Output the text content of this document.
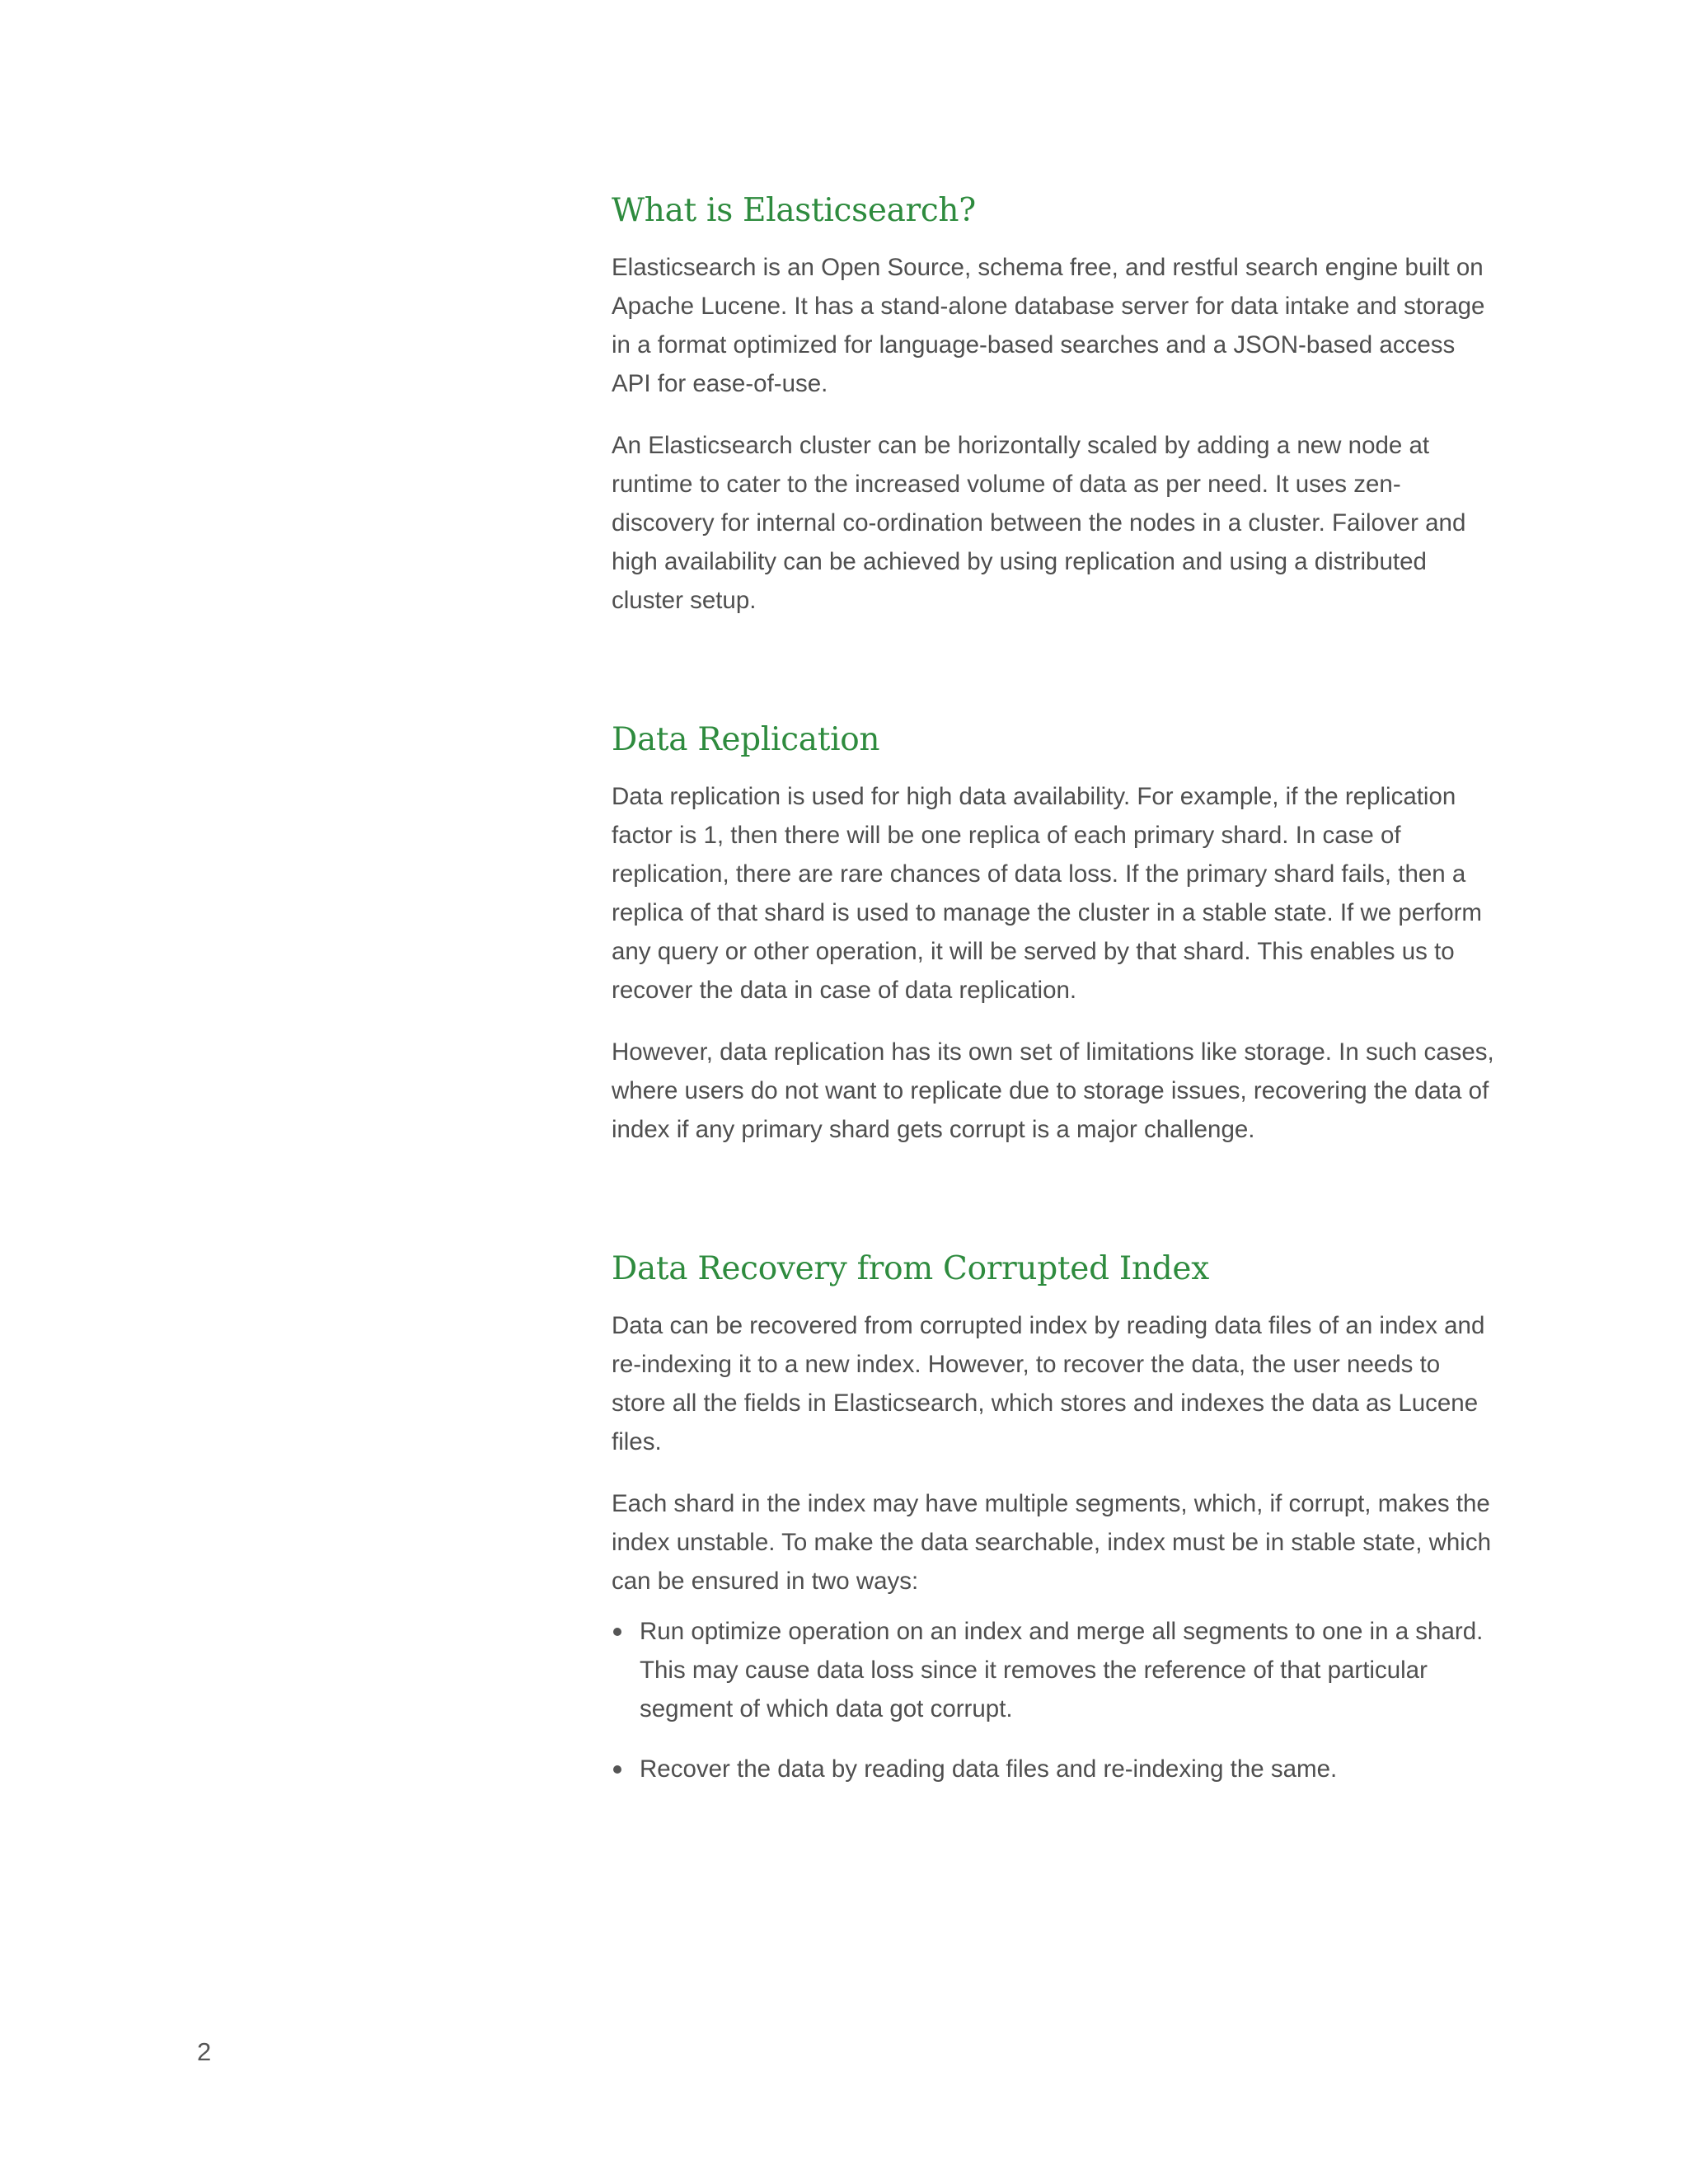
What is Elasticsearch?

Elasticsearch is an Open Source, schema free, and restful search engine built on Apache Lucene. It has a stand-alone database server for data intake and storage in a format optimized for language-based searches and a JSON-based access API for ease-of-use.

An Elasticsearch cluster can be horizontally scaled by adding a new node at runtime to cater to the increased volume of data as per need. It uses zen-discovery for internal co-ordination between the nodes in a cluster. Failover and high availability can be achieved by using replication and using a distributed cluster setup.

Data Replication

Data replication is used for high data availability. For example, if the replication factor is 1, then there will be one replica of each primary shard. In case of replication, there are rare chances of data loss. If the primary shard fails, then a replica of that shard is used to manage the cluster in a stable state. If we perform any query or other operation, it will be served by that shard. This enables us to recover the data in case of data replication.

However, data replication has its own set of limitations like storage. In such cases, where users do not want to replicate due to storage issues, recovering the data of index if any primary shard gets corrupt is a major challenge.

Data Recovery from Corrupted Index

Data can be recovered from corrupted index by reading data files of an index and re-indexing it to a new index. However, to recover the data, the user needs to store all the fields in Elasticsearch, which stores and indexes the data as Lucene files.

Each shard in the index may have multiple segments, which, if corrupt, makes the index unstable. To make the data searchable, index must be in stable state, which can be ensured in two ways:

Run optimize operation on an index and merge all segments to one in a shard. This may cause data loss since it removes the reference of that particular segment of which data got corrupt.
Recover the data by reading data files and re-indexing the same.
2
